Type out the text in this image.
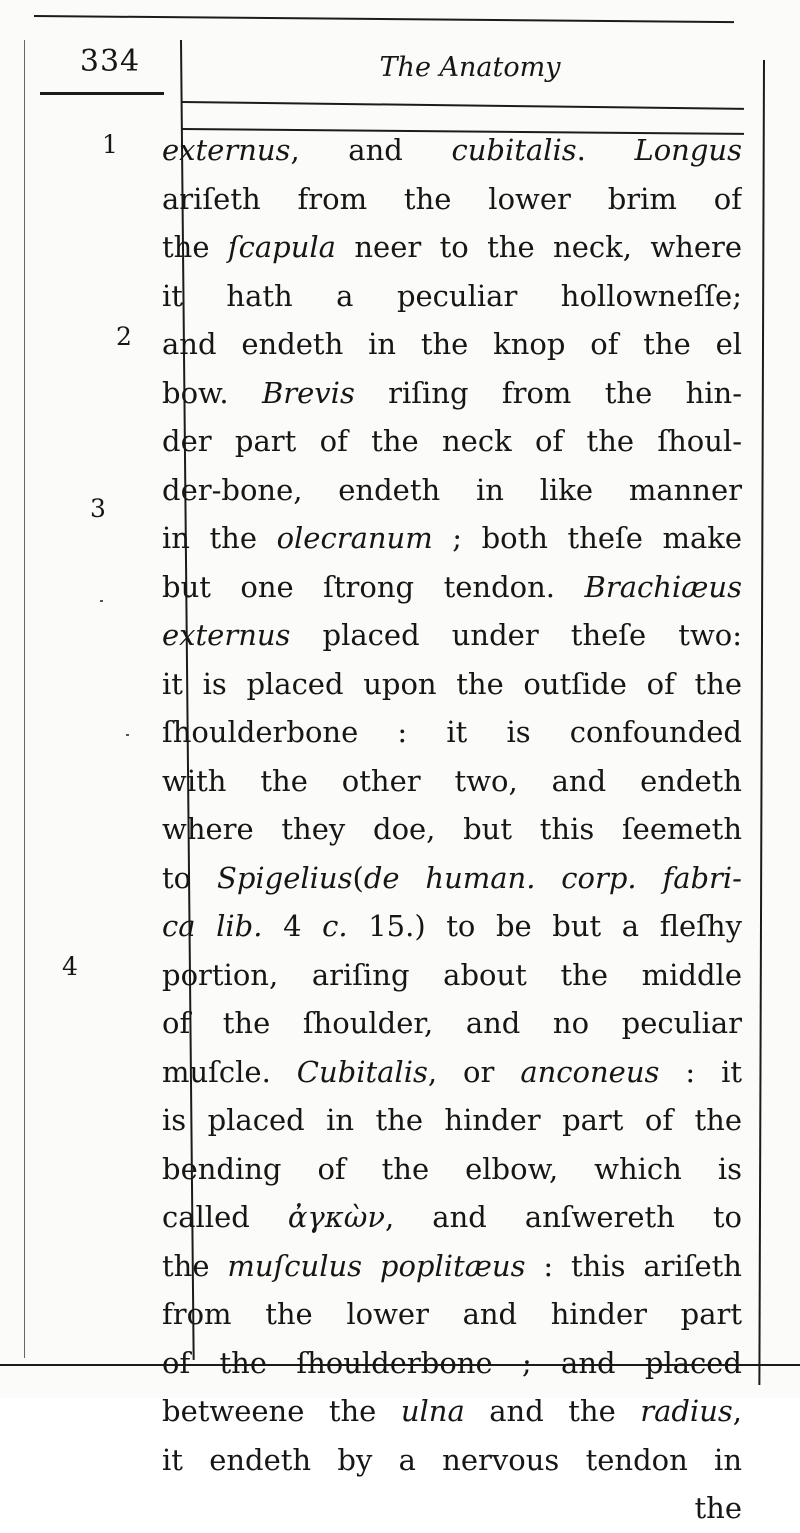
334	The Anatomy
1
2
3
4
externus, and cubitalis. Longus
ariſeth from the lower brim of
the ſcapula neer to the neck, where
it hath a peculiar hollowneſſe;
and endeth in the knop of the el
bow. Brevis riſing from the hin-
der part of the neck of the ſhoul-
der-bone, endeth in like manner
in the olecranum ; both theſe make
but one ſtrong tendon. Brachiæus
externus placed under theſe two:
it is placed upon the outſide of the
ſhoulderbone : it is confounded
with the other two, and endeth
where they doe, but this ſeemeth
to Spigelius(de human. corp. fabri-
ca lib. 4 c. 15.) to be but a fleſhy
portion, ariſing about the middle
of the ſhoulder, and no peculiar
muſcle. Cubitalis, or anconeus : it
is placed in the hinder part of the
bending of the elbow, which is
called ἀγκὼν, and anſwereth to
the muſculus poplitæus : this ariſeth
from the lower and hinder part
of the ſhoulderbone ; and placed
betweene the ulna and the radius,
it endeth by a nervous tendon in
the
